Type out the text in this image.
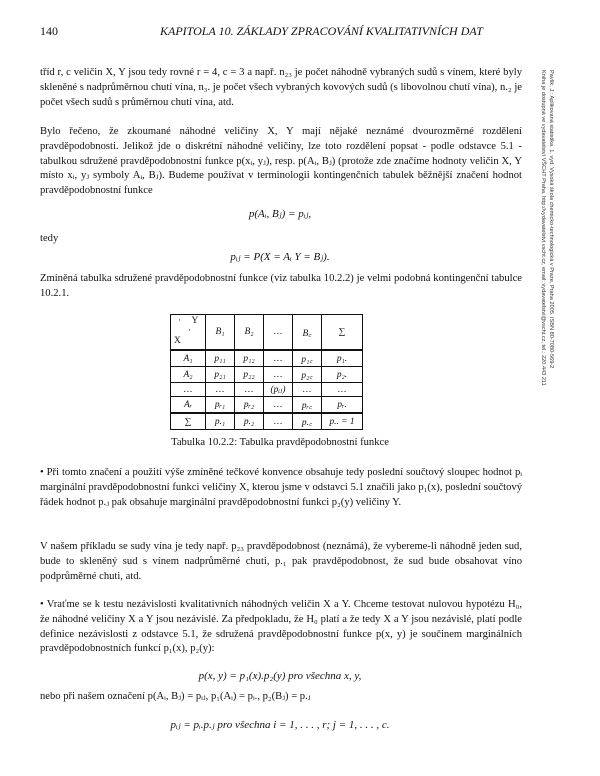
140	KAPITOLA 10. ZÁKLADY ZPRACOVÁNÍ KVALITATIVNÍCH DAT
Pavlík, J.: Aplikovaná statistika. 1. vyd. Vysoká škola chemicko-technologická v Praze, Praha 2005. ISBN 80-7080-569-2
Kniha je dostupná ve vydavatelství VŠCHT Praha, http://vydavatelstvi.vscht.cz, email: vydavatelstvi@vscht.cz, tel.: 220 443 211

tříd r, c veličin X, Y jsou tedy rovné r = 4, c = 3 a např. n₂₃ je počet náhodně vybraných sudů s vínem, které byly skleněné s nadprůměrnou chutí vína, n₃. je počet všech vybraných kovových sudů (s libovolnou chutí vína), n.₂ je počet všech sudů s průměrnou chutí vína, atd.

Bylo řečeno, že zkoumané náhodné veličiny X, Y mají nějaké neznámé dvourozměrné rozdělení pravděpodobnosti. Jelikož jde o diskrétní náhodné veličiny, lze toto rozdělení popsat - podle odstavce 5.1 - tabulkou sdružené pravděpodobnostní funkce p(xᵢ, yⱼ), resp. p(Aᵢ, Bⱼ) (protože zde značíme hodnoty veličin X, Y místo xᵢ, yⱼ symboly Aᵢ, Bⱼ). Budeme používat v terminologii kontingenčních tabulek běžnější značení hodnot pravděpodobnostní funkce

p(Aᵢ, Bⱼ) = pᵢⱼ,

tedy

pᵢⱼ = P(X = Aᵢ Y = Bⱼ).

Zmíněná tabulka sdružené pravděpodobnostní funkce (viz tabulka 10.2.2) je velmi podobná kontingenční tabulce 10.2.1.

· Y
·
X	B₁	B₂	…	B꜀	∑
A₁	p₁₁	p₁₂	…	p₁꜀	p₁.
A₂	p₂₁	p₂₂	…	p₂꜀	p₂.
…	…	…	(pᵢⱼ)	…	…
Aᵣ	pᵣ₁	pᵣ₂	…	pᵣ꜀	pᵣ.
∑	p.₁	p.₂	…	p.꜀	p.. = 1
Tabulka 10.2.2: Tabulka pravděpodobnostní funkce

• Při tomto značení a použití výše zmíněné tečkové konvence obsahuje tedy poslední součtový sloupec hodnot pᵢ marginální pravděpodobnostní funkci veličiny X, kterou jsme v odstavci 5.1 značili jako p₁(x), poslední součtový řádek hodnot p.ⱼ pak obsahuje marginální pravděpodobnostní funkci p₂(y) veličiny Y.

V našem příkladu se sudy vína je tedy např. p₂₃ pravděpodobnost (neznámá), že vybereme-li náhodně jeden sud, bude to skleněný sud s vínem nadprůměrné chuti, p.₁ pak pravděpodobnost, že sud bude obsahovat víno podprůměrné chuti, atd.

• Vraťme se k testu nezávislosti kvalitativních náhodných veličin X a Y. Chceme testovat nulovou hypotézu H₀, že náhodné veličiny X a Y jsou nezávislé. Za předpokladu, že H₀ platí a že tedy X a Y jsou nezávislé, platí podle definice nezávislosti z odstavce 5.1, že sdružená pravděpodobnostní funkce p(x, y) je součinem marginálních pravděpodobnostních funkcí p₁(x), p₂(y):

p(x, y) = p₁(x).p₂(y) pro všechna x, y,

nebo při našem označení p(Aᵢ, Bⱼ) = pᵢⱼ, p₁(Aᵢ) = pᵢ., p₂(Bⱼ) = p.ⱼ

pᵢⱼ = pᵢ.p.ⱼ pro všechna i = 1, . . . , r; j = 1, . . . , c.
